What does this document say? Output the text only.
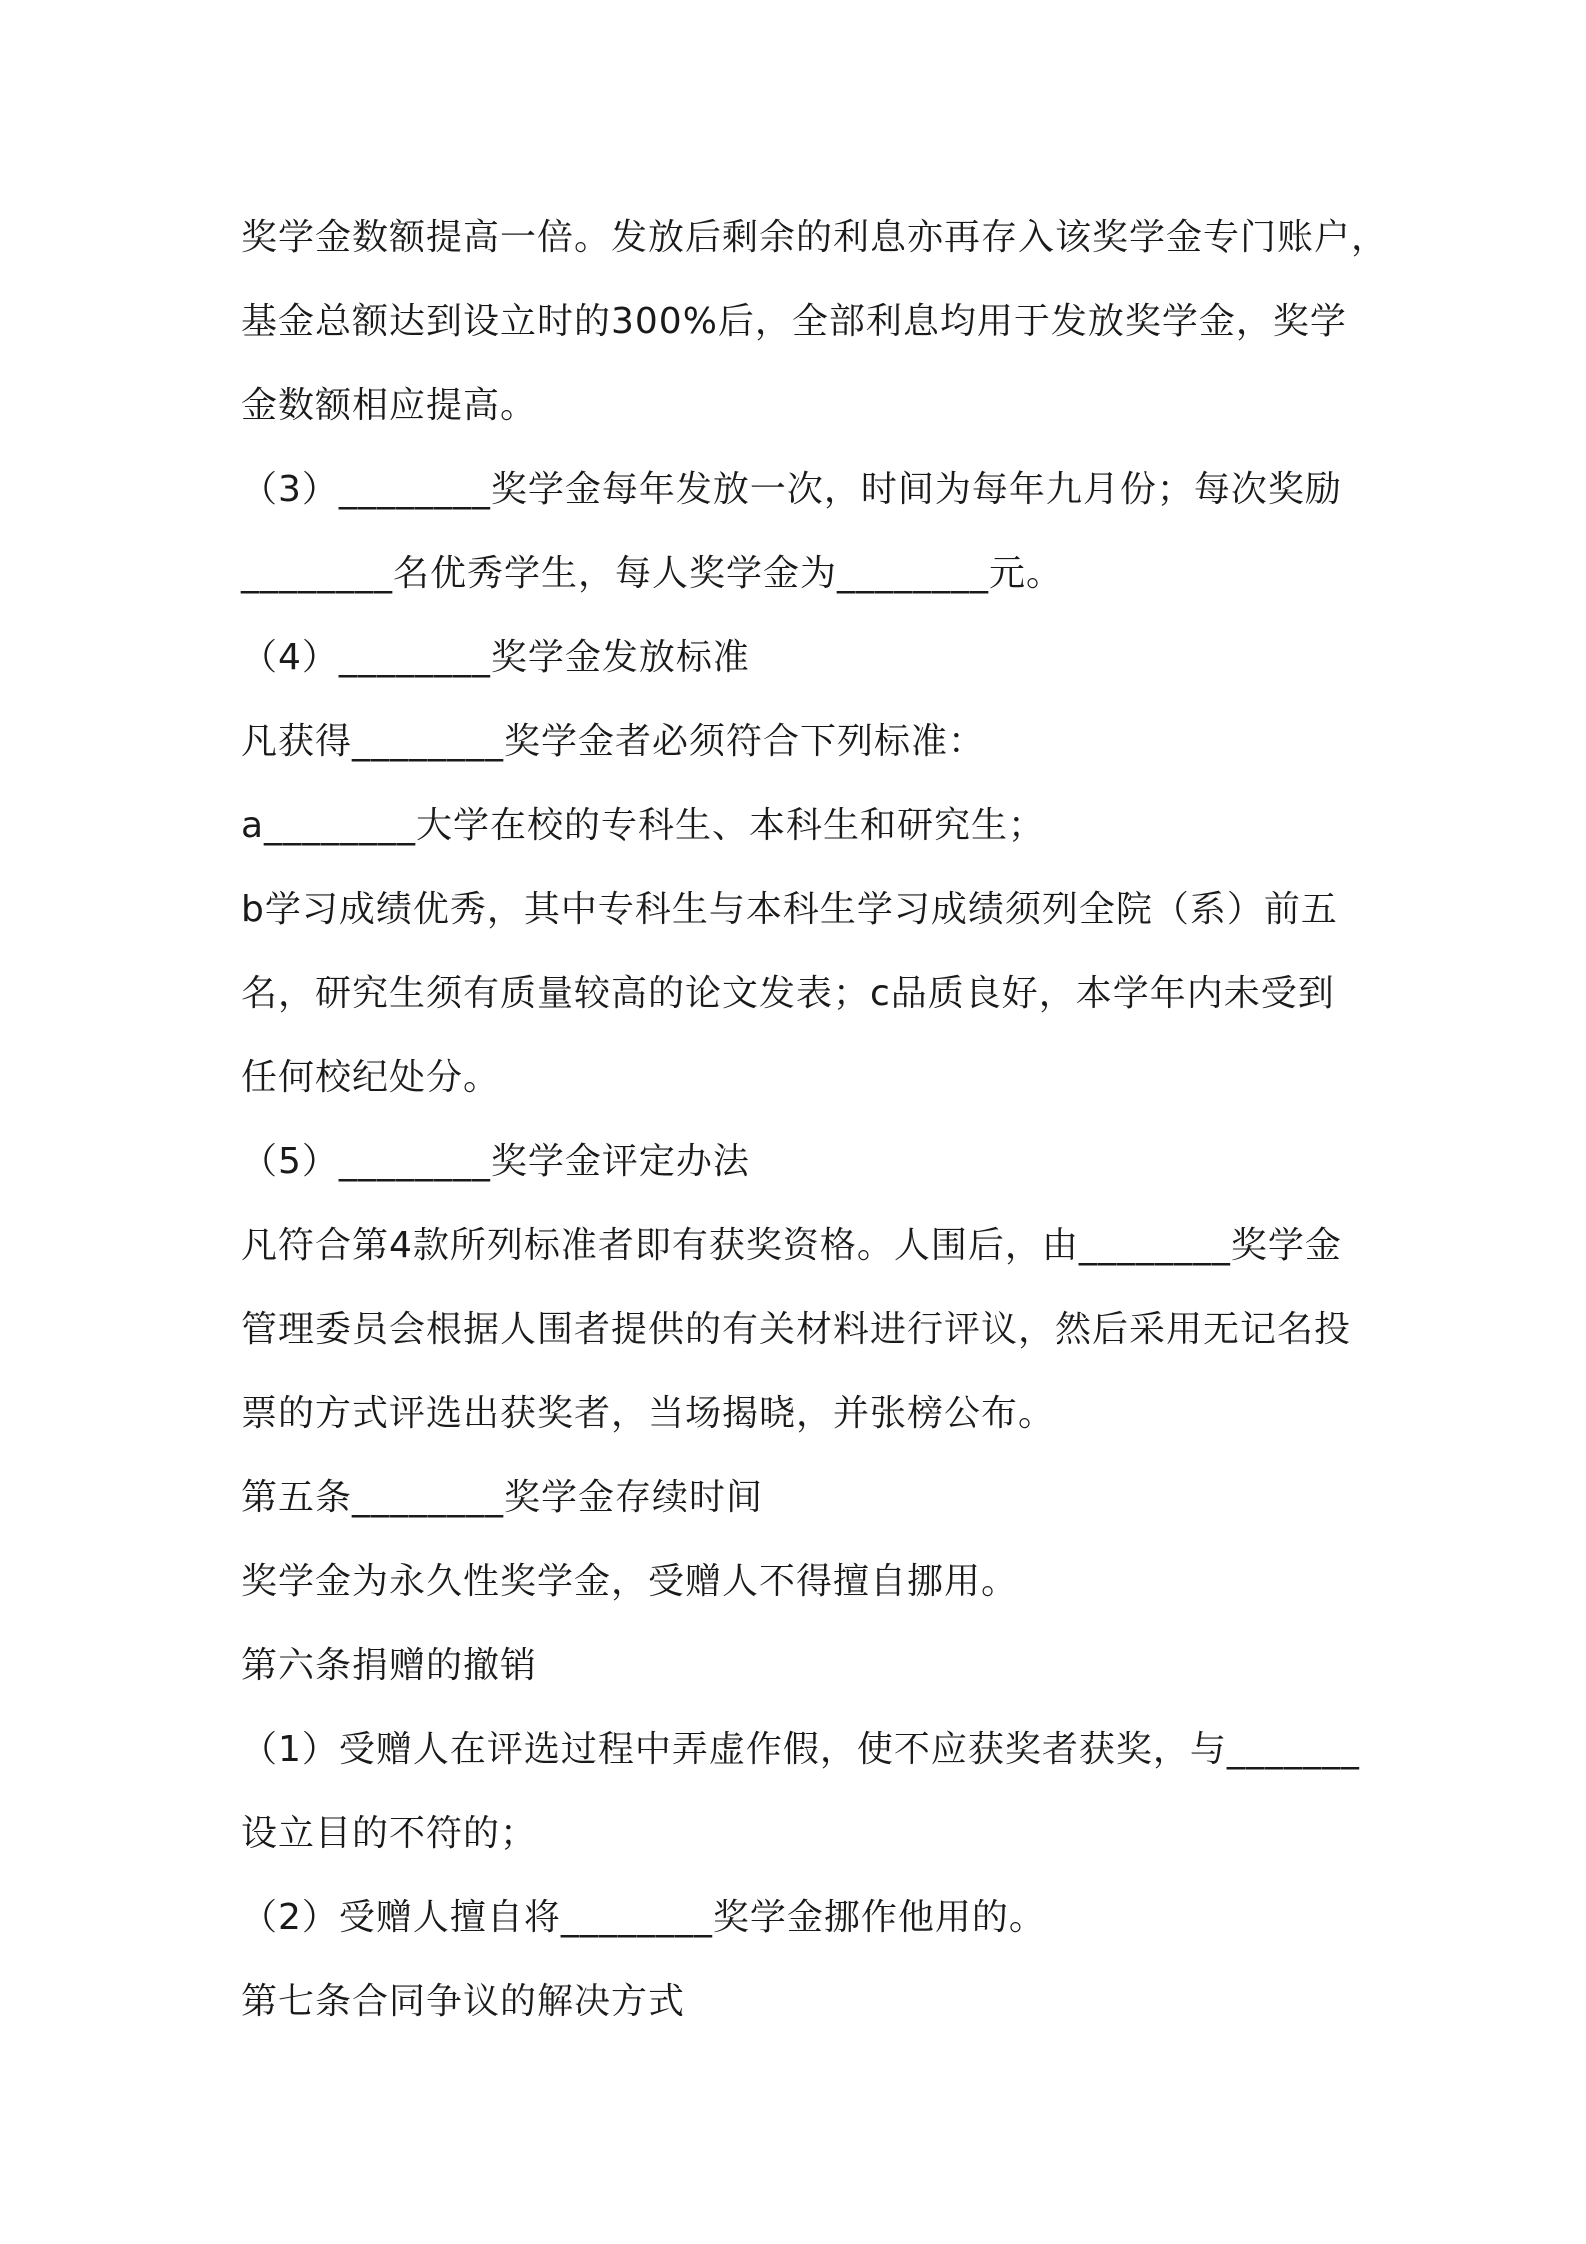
奖学金数额提高一倍。发放后剩余的利息亦再存入该奖学金专门账户，
基金总额达到设立时的300%后，全部利息均用于发放奖学金，奖学
金数额相应提高。
（3）________奖学金每年发放一次，时间为每年九月份；每次奖励
________名优秀学生，每人奖学金为________元。
（4）________奖学金发放标准
凡获得________奖学金者必须符合下列标准：
a________大学在校的专科生、本科生和研究生；
b学习成绩优秀，其中专科生与本科生学习成绩须列全院（系）前五
名，研究生须有质量较高的论文发表；c品质良好，本学年内未受到
任何校纪处分。
（5）________奖学金评定办法
凡符合第4款所列标准者即有获奖资格。人围后，由________奖学金
管理委员会根据人围者提供的有关材料进行评议，然后采用无记名投
票的方式评选出获奖者，当场揭晓，并张榜公布。
第五条________奖学金存续时间
奖学金为永久性奖学金，受赠人不得擅自挪用。
第六条捐赠的撤销
（1）受赠人在评选过程中弄虚作假，使不应获奖者获奖，与_______
设立目的不符的；
（2）受赠人擅自将________奖学金挪作他用的。
第七条合同争议的解决方式
